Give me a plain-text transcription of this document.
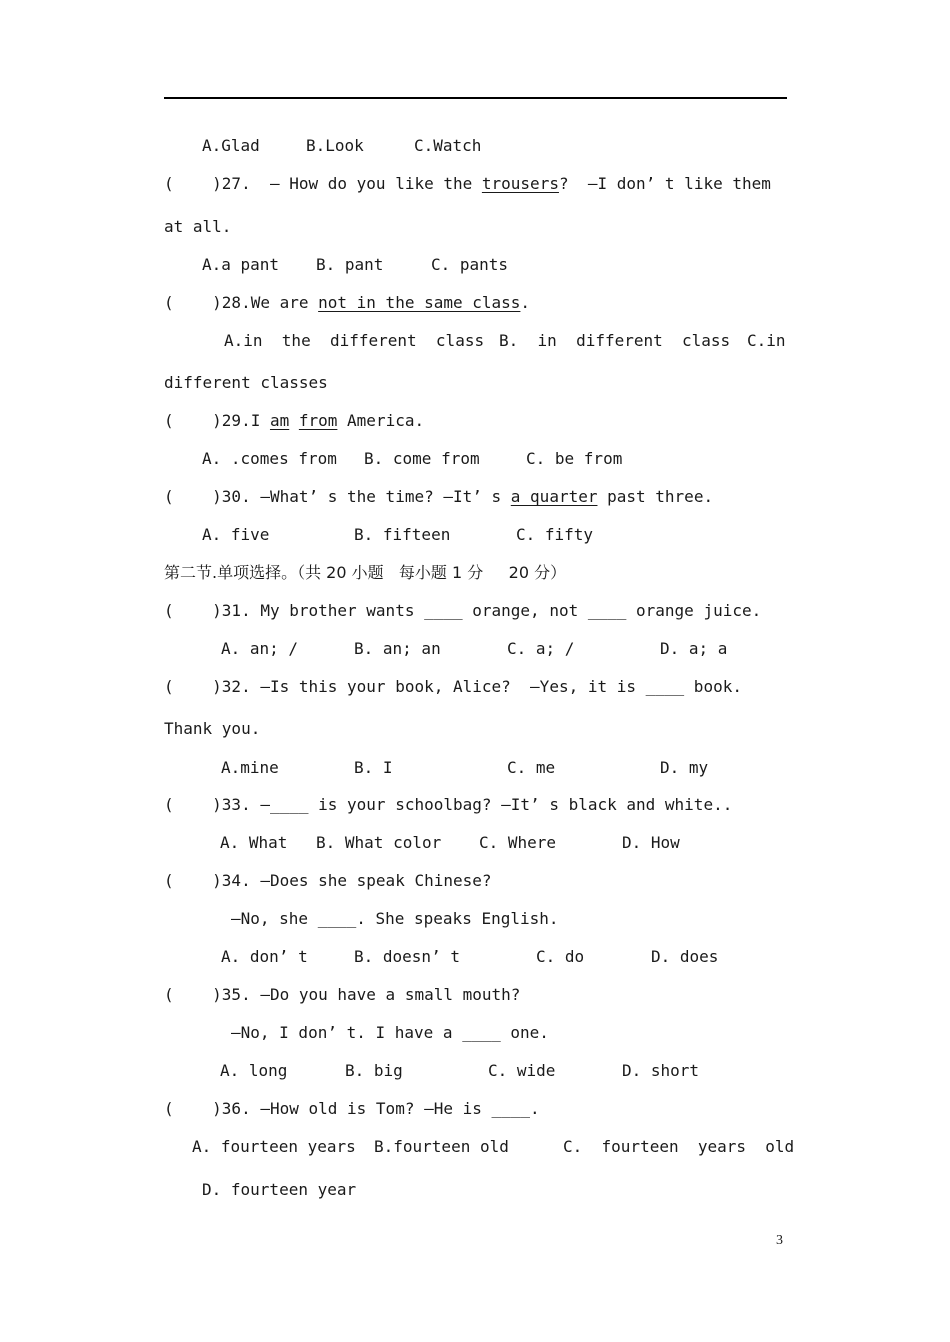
A.Glad	B.Look	C.Watch
(    )27.  — How do you like the trousers?  —I don’ t like them
at all.
A.a pant B. pant	C. pants
(    )28.We are not in the same class.
A.in  the  different  class B.  in  different  class C.in
different classes
(    )29.I am from America.
A. .comes from B. come from	C. be from
(    )30. —What’ s the time? —It’ s a quarter past three.
A. five	B. fifteen	C. fifty
第二节.单项选择。（共 20 小题   每小题 1 分     20 分）
(    )31. My brother wants ____ orange, not ____ orange juice.
A. an; /	B. an; an	C. a; /	D. a; a
(    )32. —Is this your book, Alice?  —Yes, it is ____ book.
Thank you.
A.mine	B. I	C. me	D. my
(    )33. —____ is your schoolbag? —It’ s black and white..
A. What B. What color C. Where	D. How
(    )34. —Does she speak Chinese?
—No, she ____. She speaks English.
A. don’ t	B. doesn’ t	C. do	D. does
(    )35. —Do you have a small mouth?
—No, I don’ t. I have a ____ one.
A. long	B. big	C. wide	D. short
(    )36. —How old is Tom? —He is ____.
A. fourteen years B.fourteen old	C.  fourteen  years  old
D. fourteen year
3
